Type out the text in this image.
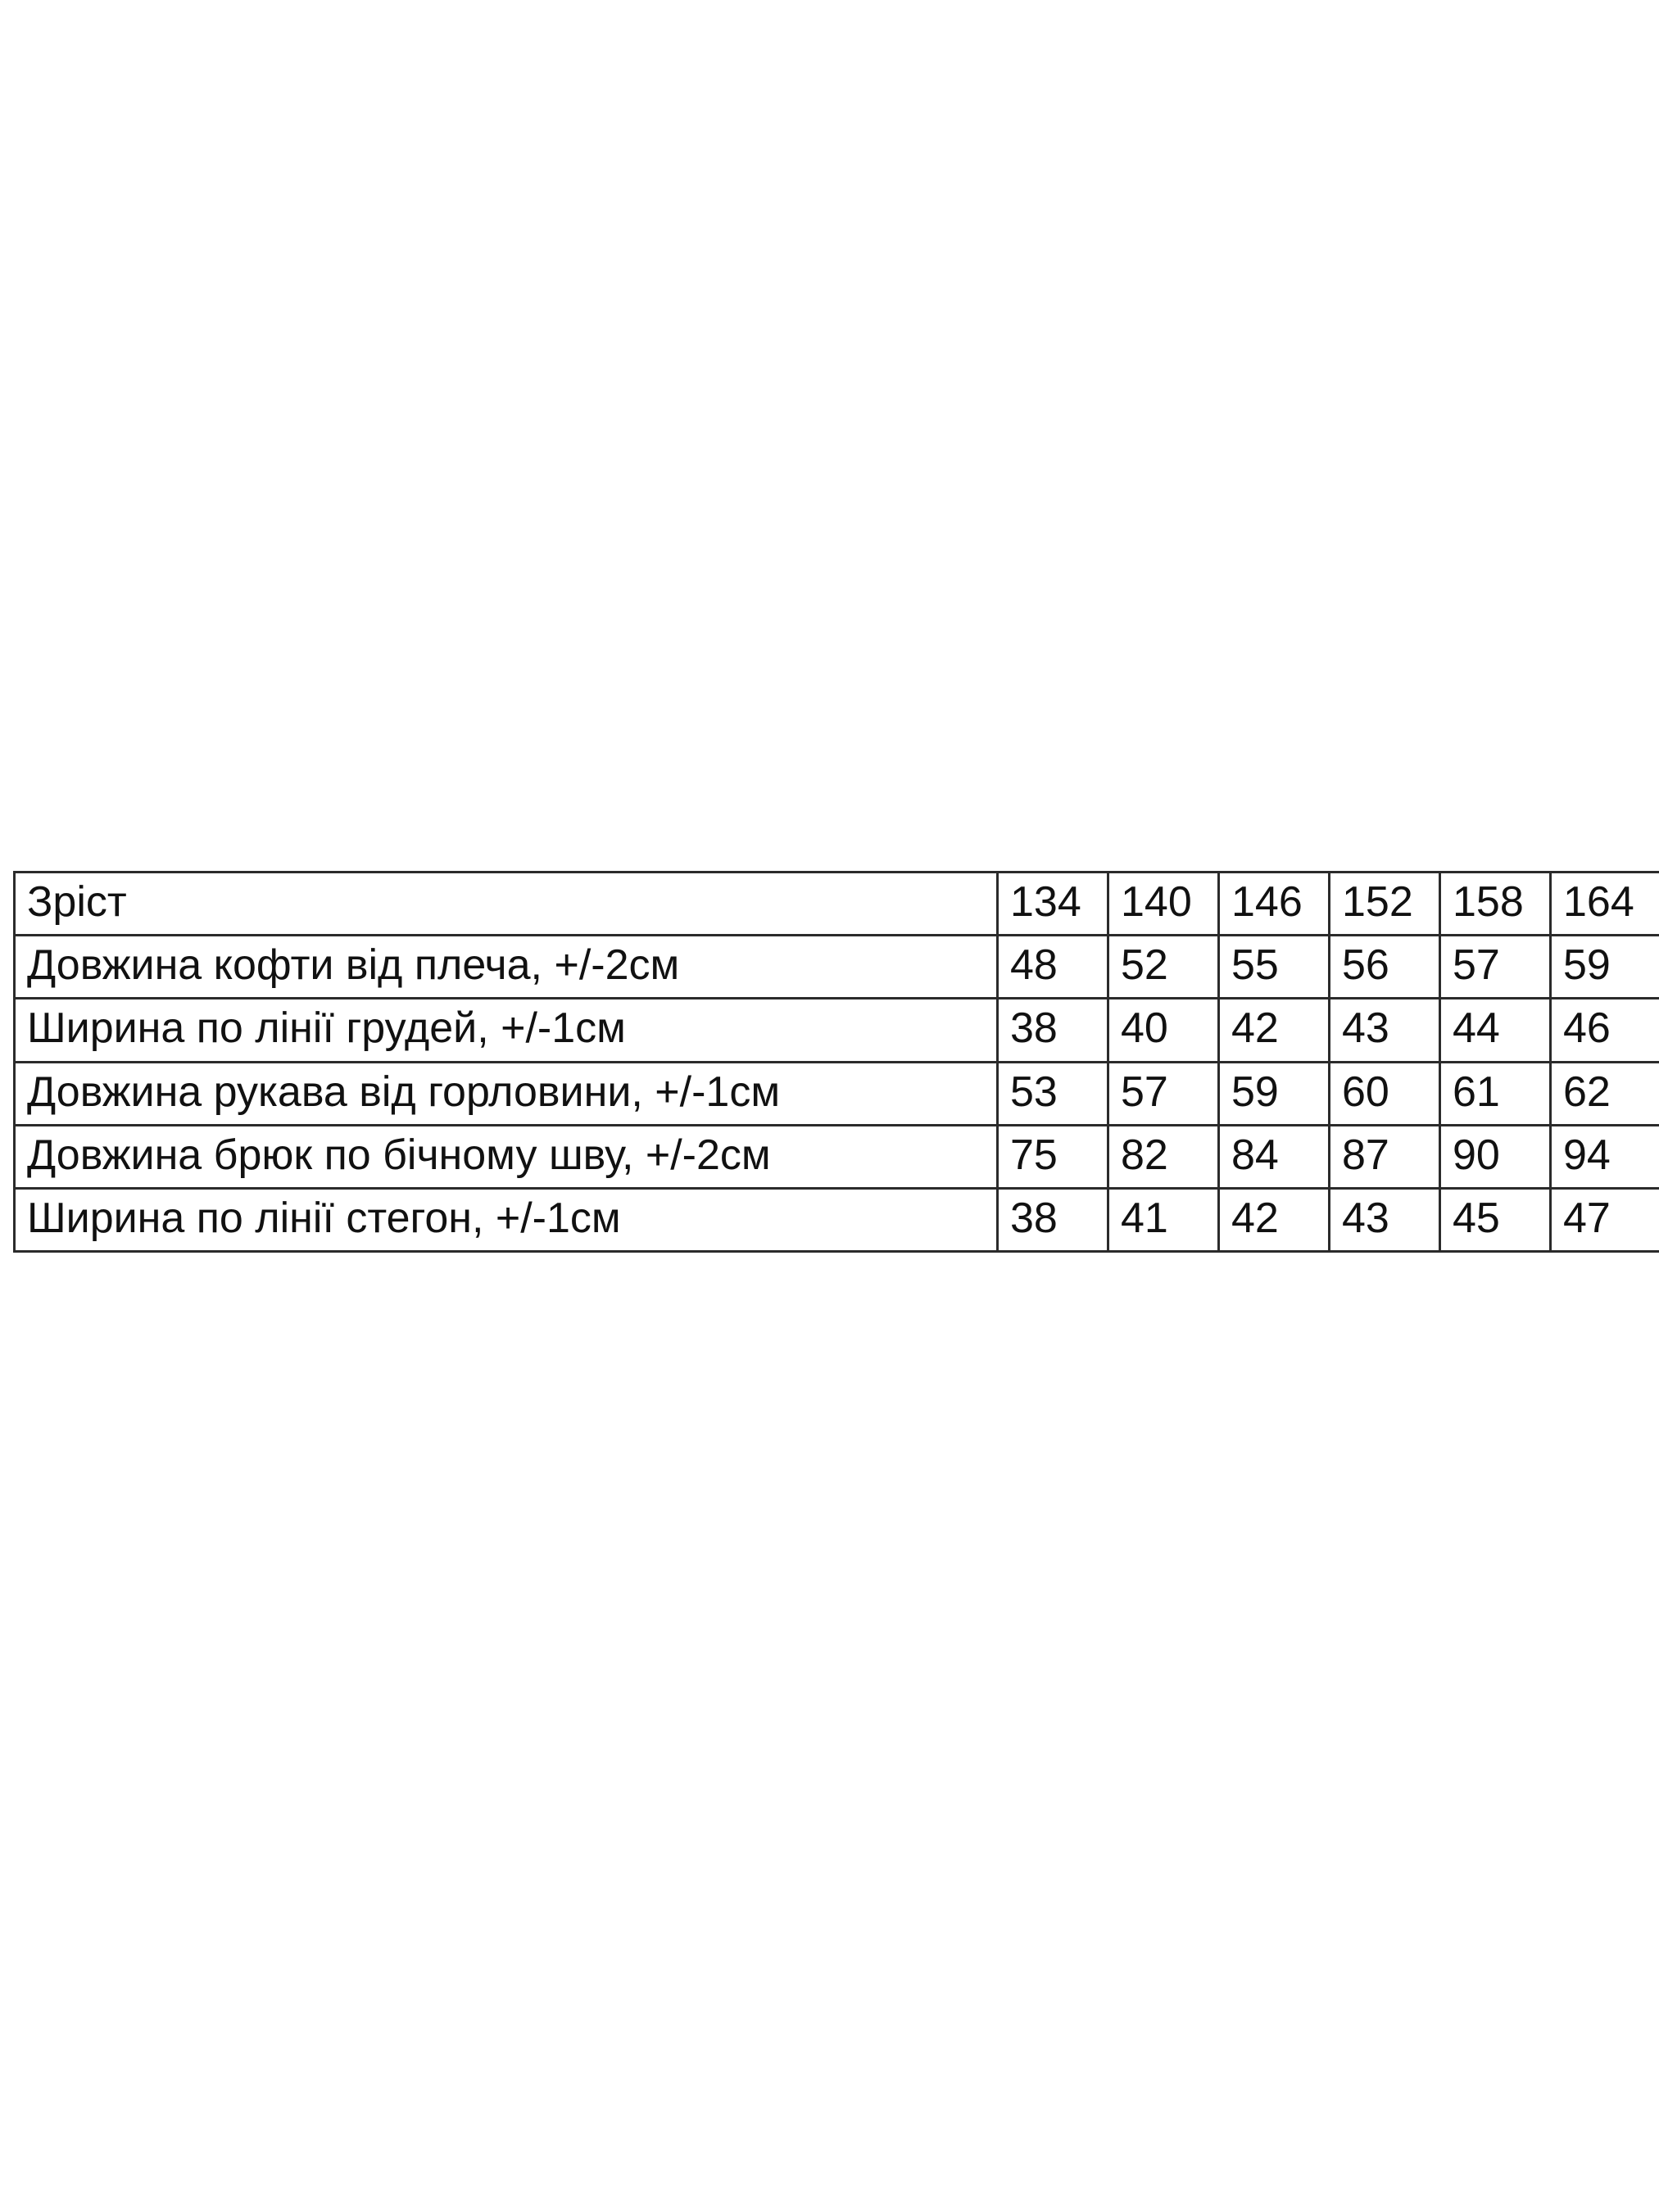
Зріст	134	140	146	152	158	164
Довжина кофти від плеча, +/-2см	48	52	55	56	57	59
Ширина по лінії грудей, +/-1см	38	40	42	43	44	46
Довжина рукава від горловини, +/-1см	53	57	59	60	61	62
Довжина брюк по бічному шву, +/-2см	75	82	84	87	90	94
Ширина по лінії стегон, +/-1см	38	41	42	43	45	47
